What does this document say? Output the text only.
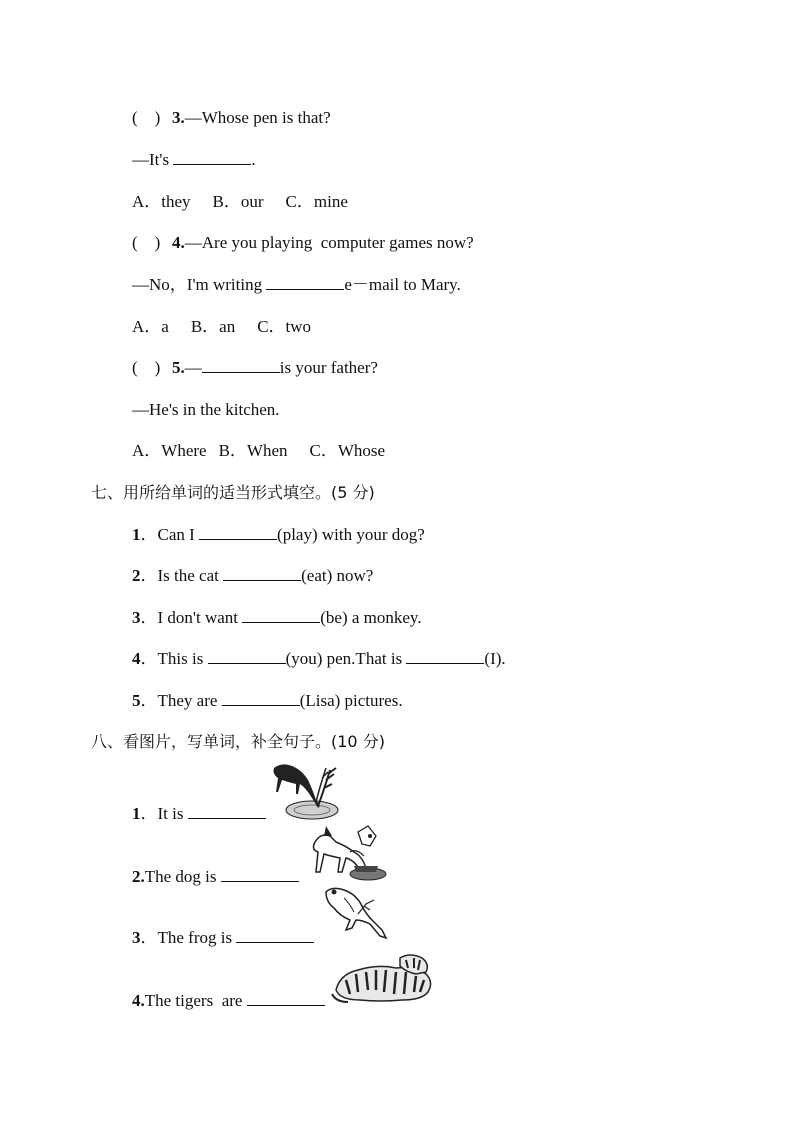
(　) 3.—Whose pen is that?
—It's	.
A．they B．our C．mine
(　) 4.—Are you playing  computer games now?
—No，I'm writing	e－mail to Mary.
A．a B．an C．two
(　) 5.—	is your father?
—He's in the kitchen.
A．Where B．When C．Whose
七、用所给单词的适当形式填空。(5 分)
1．Can I	(play) with your dog?
2．Is the cat	(eat) now?
3．I don't want	(be) a monkey.
4．This is	(you) pen.That is	(I).
5．They are	(Lisa) pictures.
八、看图片，写单词，补全句子。(10 分)
1．It is
2.The dog is
3．The frog is
4.The tigers  are
